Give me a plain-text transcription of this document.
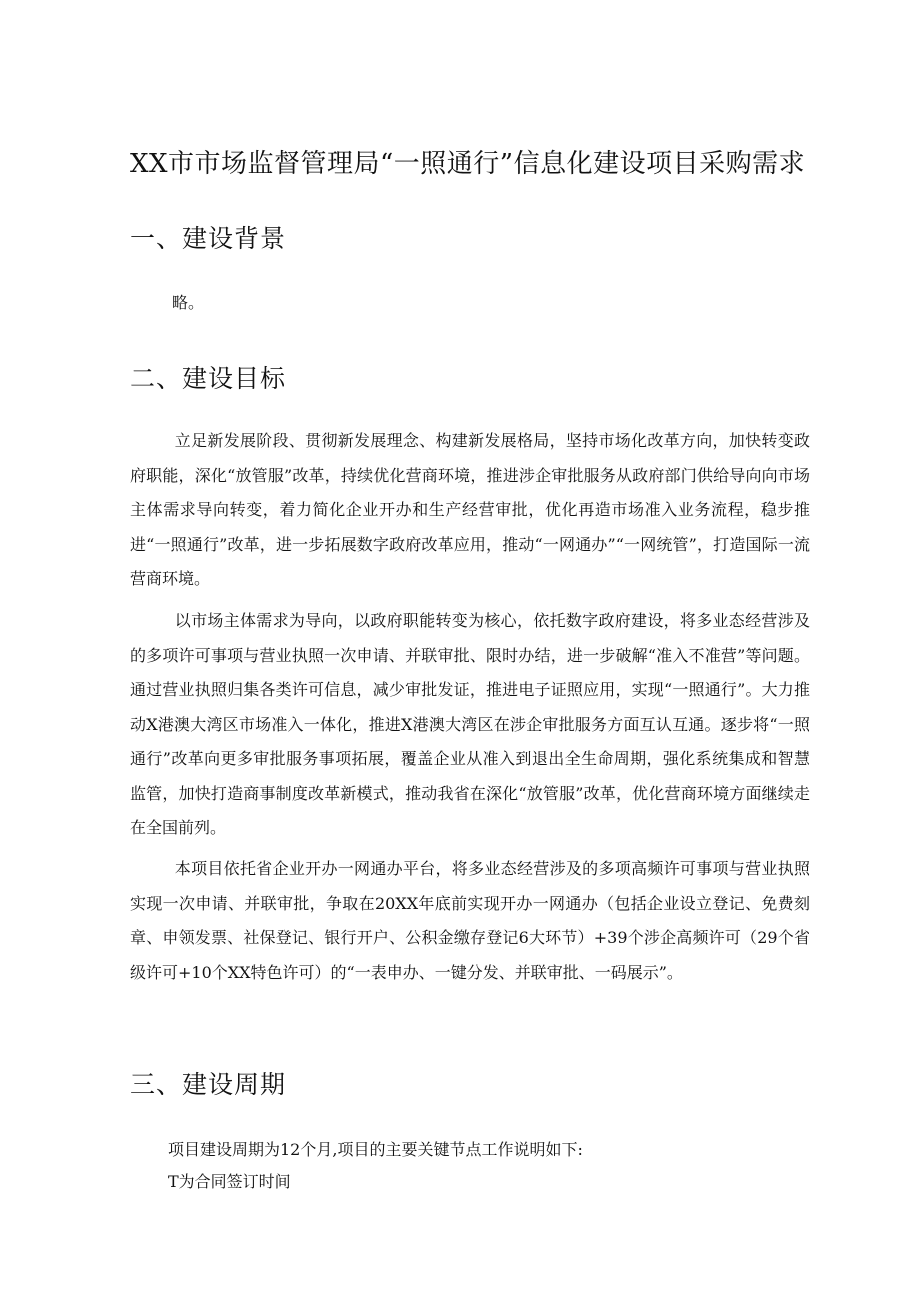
XX市市场监督管理局“一照通行”信息化建设项目采购需求
一、建设背景

略。

二、建设目标

立足新发展阶段、贯彻新发展理念、构建新发展格局，坚持市场化改革方向，加快转变政府职能，深化“放管服”改革，持续优化营商环境，推进涉企审批服务从政府部门供给导向向市场主体需求导向转变，着力简化企业开办和生产经营审批，优化再造市场准入业务流程，稳步推进“一照通行”改革，进一步拓展数字政府改革应用，推动“一网通办”“一网统管”，打造国际一流营商环境。

以市场主体需求为导向，以政府职能转变为核心，依托数字政府建设，将多业态经营涉及的多项许可事项与营业执照一次申请、并联审批、限时办结，进一步破解“准入不准营”等问题。通过营业执照归集各类许可信息，减少审批发证，推进电子证照应用，实现“一照通行”。大力推动X港澳大湾区市场准入一体化，推进X港澳大湾区在涉企审批服务方面互认互通。逐步将“一照通行”改革向更多审批服务事项拓展，覆盖企业从准入到退出全生命周期，强化系统集成和智慧监管，加快打造商事制度改革新模式，推动我省在深化“放管服”改革，优化营商环境方面继续走在全国前列。

本项目依托省企业开办一网通办平台，将多业态经营涉及的多项高频许可事项与营业执照实现一次申请、并联审批，争取在20XX年底前实现开办一网通办（包括企业设立登记、免费刻章、申领发票、社保登记、银行开户、公积金缴存登记6大环节）+39个涉企高频许可（29个省级许可+10个XX特色许可）的“一表申办、一键分发、并联审批、一码展示”。

三、建设周期

项目建设周期为12个月,项目的主要关键节点工作说明如下:

T为合同签订时间
